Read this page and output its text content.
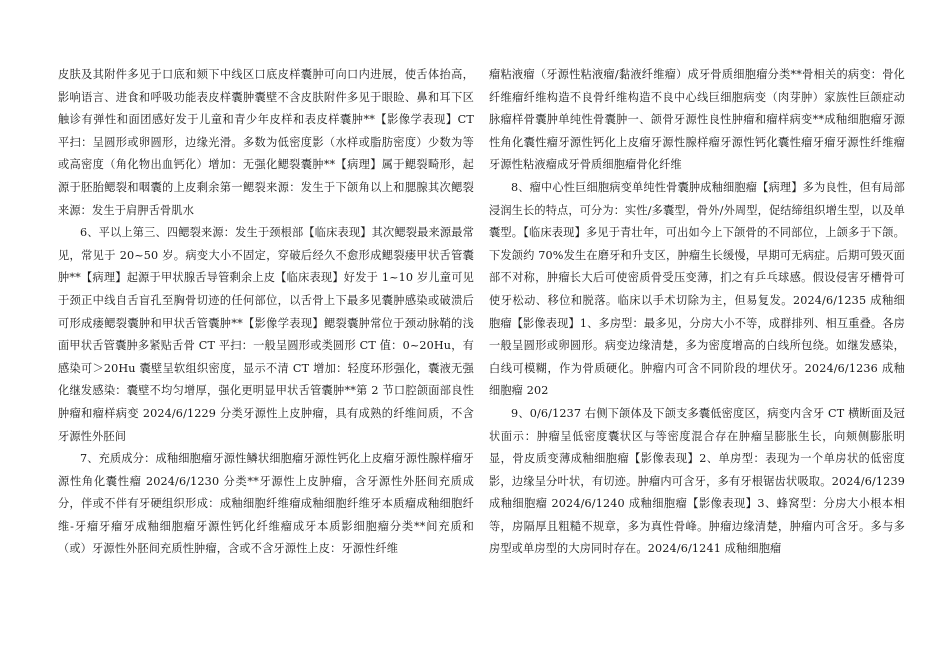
皮肤及其附件多见于口底和颏下中线区口底皮样囊肿可向口内进展，使舌体抬高，影响语言、进食和呼吸功能表皮样囊肿囊壁不含皮肤附件多见于眼睑、鼻和耳下区触诊有弹性和面团感好发于儿童和青少年皮样和表皮样囊肿**【影像学表现】CT 平扫：呈圆形或卵圆形，边缘光滑。多数为低密度影（水样或脂肪密度）少数为等或高密度（角化物出血钙化）增加：无强化鳃裂囊肿**【病理】属于鳃裂畸形，起源于胚胎鳃裂和咽囊的上皮剩余第一鳃裂来源：发生于下颌角以上和腮腺其次鳃裂来源：发生于肩胛舌骨肌水

6、平以上第三、四鳃裂来源：发生于颈根部【临床表现】其次鳃裂最来源最常见，常见于 20~50 岁。病变大小不固定，穿破后经久不愈形成鳃裂瘘甲状舌管囊肿**【病理】起源于甲状腺舌导管剩余上皮【临床表现】好发于 1~10 岁儿童可见于颈正中线自舌盲孔至胸骨切迹的任何部位，以舌骨上下最多见囊肿感染或破溃后可形成瘘鳃裂囊肿和甲状舌管囊肿**【影像学表现】鳃裂囊肿常位于颈动脉鞘的浅面甲状舌管囊肿多紧贴舌骨 CT 平扫：一般呈圆形或类圆形 CT 值：0~20Hu，有感染可＞20Hu 囊壁呈软组织密度，显示不清 CT 增加：轻度环形强化，囊液无强化继发感染：囊壁不均匀增厚，强化更明显甲状舌管囊肿**第 2 节口腔颌面部良性肿瘤和瘤样病变 2024/6/1229 分类牙源性上皮肿瘤，具有成熟的纤维间质，不含牙源性外胚间

7、充质成分：成釉细胞瘤牙源性鳞状细胞瘤牙源性钙化上皮瘤牙源性腺样瘤牙源性角化囊性瘤 2024/6/1230 分类**牙源性上皮肿瘤，含牙源性外胚间充质成分，伴或不伴有牙硬组织形成：成釉细胞纤维瘤成釉细胞纤维牙本质瘤成釉细胞纤维-牙瘤牙瘤牙成釉细胞瘤牙源性钙化纤维瘤成牙本质影细胞瘤分类**间充质和（或）牙源性外胚间充质性肿瘤，含或不含牙源性上皮：牙源性纤维

瘤粘液瘤（牙源性粘液瘤/黏液纤维瘤）成牙骨质细胞瘤分类**骨相关的病变：骨化纤维瘤纤维构造不良骨纤维构造不良中心线巨细胞病变（肉芽肿）家族性巨颌症动脉瘤样骨囊肿单纯性骨囊肿一、颌骨牙源性良性肿瘤和瘤样病变**成釉细胞瘤牙源性角化囊性瘤牙源性钙化上皮瘤牙源性腺样瘤牙源性钙化囊性瘤牙瘤牙源性纤维瘤牙源性粘液瘤成牙骨质细胞瘤骨化纤维

8、瘤中心性巨细胞病变单纯性骨囊肿成釉细胞瘤【病理】多为良性，但有局部浸润生长的特点，可分为：实性/多囊型，骨外/外周型，促结缔组织增生型，以及单囊型。【临床表现】多见于青壮年，可出如今上下颌骨的不同部位，上颌多于下颌。下发颌约 70%发生在磨牙和升支区，肿瘤生长缓慢，早期可无病症。后期可毁灭面部不对称，肿瘤长大后可使密质骨受压变薄，扪之有乒乓球感。假设侵害牙槽骨可使牙松动、移位和脱落。临床以手术切除为主，但易复发。2024/6/1235 成釉细胞瘤【影像表现】1、多房型：最多见，分房大小不等，成群排列、相互重叠。各房一般呈圆形或卵圆形。病变边缘清楚，多为密度增高的白线所包绕。如继发感染，白线可模糊，作为骨质硬化。肿瘤内可含不同阶段的埋伏牙。2024/6/1236 成釉细胞瘤 202

9、0/6/1237 右侧下颌体及下颌支多囊低密度区，病变内含牙 CT 横断面及冠状面示：肿瘤呈低密度囊状区与等密度混合存在肿瘤呈膨胀生长，向颊侧膨胀明显，骨皮质变薄成釉细胞瘤【影像表现】2、单房型：表现为一个单房状的低密度影，边缘呈分叶状，有切迹。肿瘤内可含牙，多有牙根锯齿状吸取。2024/6/1239 成釉细胞瘤 2024/6/1240 成釉细胞瘤【影像表现】3、蜂窝型：分房大小根本相等，房隔厚且粗糙不规章，多为真性骨峰。肿瘤边缘清楚，肿瘤内可含牙。多与多房型或单房型的大房同时存在。2024/6/1241 成釉细胞瘤
